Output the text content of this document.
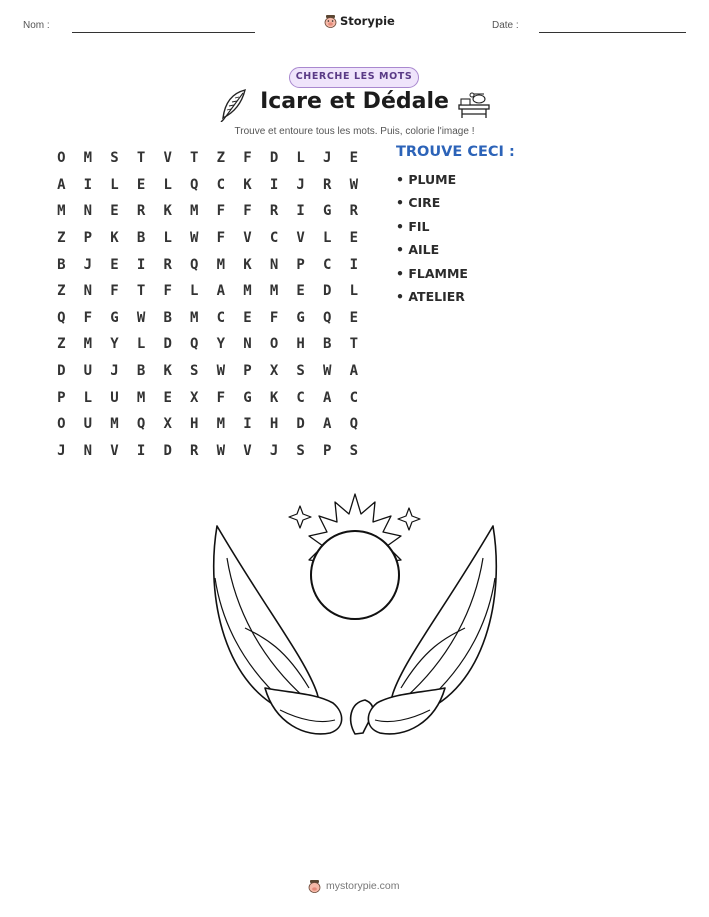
Nom :	Storypie	Date :
CHERCHE LES MOTS
Icare et Dédale
Trouve et entoure tous les mots. Puis, colorie l'image !
O	M	S	T	V	T	Z	F	D	L	J	E
A	I	L	E	L	Q	C	K	I	J	R	W
M	N	E	R	K	M	F	F	R	I	G	R
Z	P	K	B	L	W	F	V	C	V	L	E
B	J	E	I	R	Q	M	K	N	P	C	I
Z	N	F	T	F	L	A	M	M	E	D	L
Q	F	G	W	B	M	C	E	F	G	Q	E
Z	M	Y	L	D	Q	Y	N	O	H	B	T
D	U	J	B	K	S	W	P	X	S	W	A
P	L	U	M	E	X	F	G	K	C	A	C
O	U	M	Q	X	H	M	I	H	D	A	Q
J	N	V	I	D	R	W	V	J	S	P	S
TROUVE CECI :
• PLUME
• CIRE
• FIL
• AILE
• FLAMME
• ATELIER
mystorypie.com
